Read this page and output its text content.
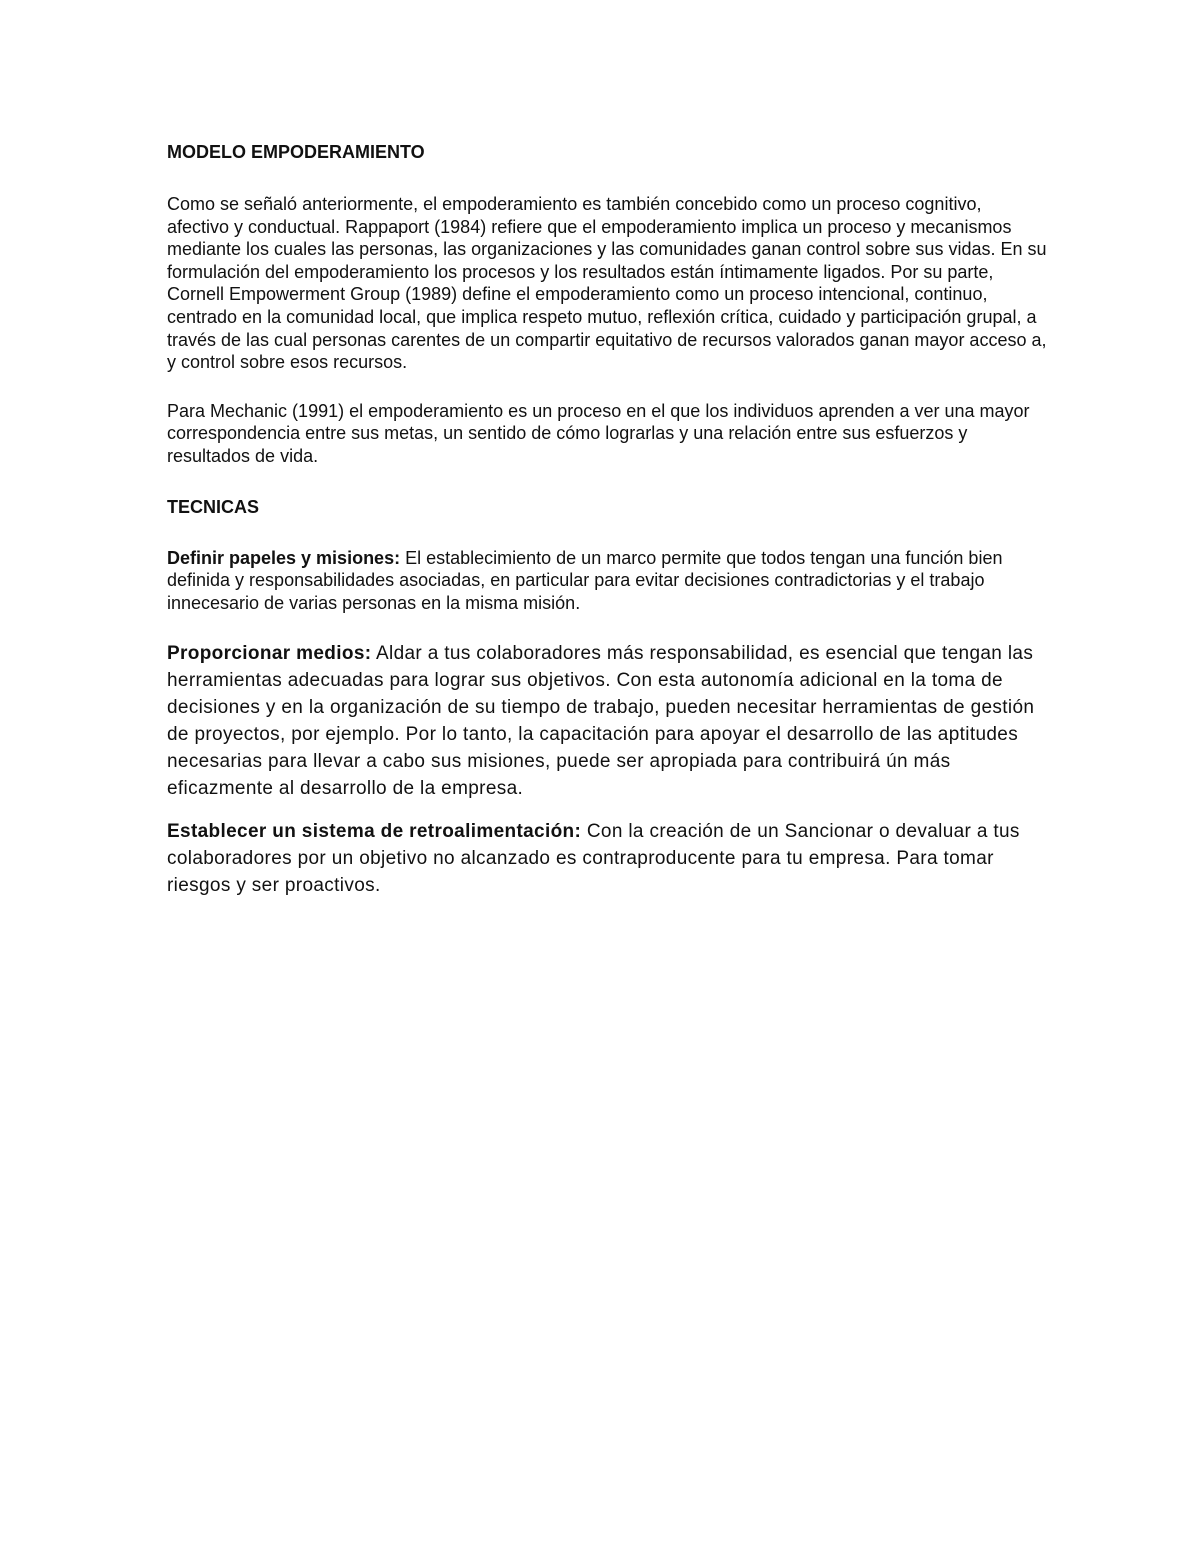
MODELO EMPODERAMIENTO

Como se señaló anteriormente, el empoderamiento es también concebido como un proceso cognitivo, afectivo y conductual. Rappaport (1984) refiere que el empoderamiento implica un proceso y mecanismos mediante los cuales las personas, las organizaciones y las comunidades ganan control sobre sus vidas. En su formulación del empoderamiento los procesos y los resultados están íntimamente ligados. Por su parte, Cornell Empowerment Group (1989) define el empoderamiento como un proceso intencional, continuo, centrado en la comunidad local, que implica respeto mutuo, reflexión crítica, cuidado y participación grupal, a través de las cual personas carentes de un compartir equitativo de recursos valorados ganan mayor acceso a, y control sobre esos recursos.

Para Mechanic (1991) el empoderamiento es un proceso en el que los individuos aprenden a ver una mayor correspondencia entre sus metas, un sentido de cómo lograrlas y una relación entre sus esfuerzos y resultados de vida.

TECNICAS

Definir papeles y misiones: El establecimiento de un marco permite que todos tengan una función bien definida y responsabilidades asociadas, en particular para evitar decisiones contradictorias y el trabajo innecesario de varias personas en la misma misión.

Proporcionar medios: Aldar a tus colaboradores más responsabilidad, es esencial que tengan las herramientas adecuadas para lograr sus objetivos. Con esta autonomía adicional en la toma de decisiones y en la organización de su tiempo de trabajo, pueden necesitar herramientas de gestión de proyectos, por ejemplo. Por lo tanto, la capacitación para apoyar el desarrollo de las aptitudes necesarias para llevar a cabo sus misiones, puede ser apropiada para contribuirá ún más eficazmente al desarrollo de la empresa.

Establecer un sistema de retroalimentación: Con la creación de un Sancionar o devaluar a tus colaboradores por un objetivo no alcanzado es contraproducente para tu empresa. Para tomar riesgos y ser proactivos.
